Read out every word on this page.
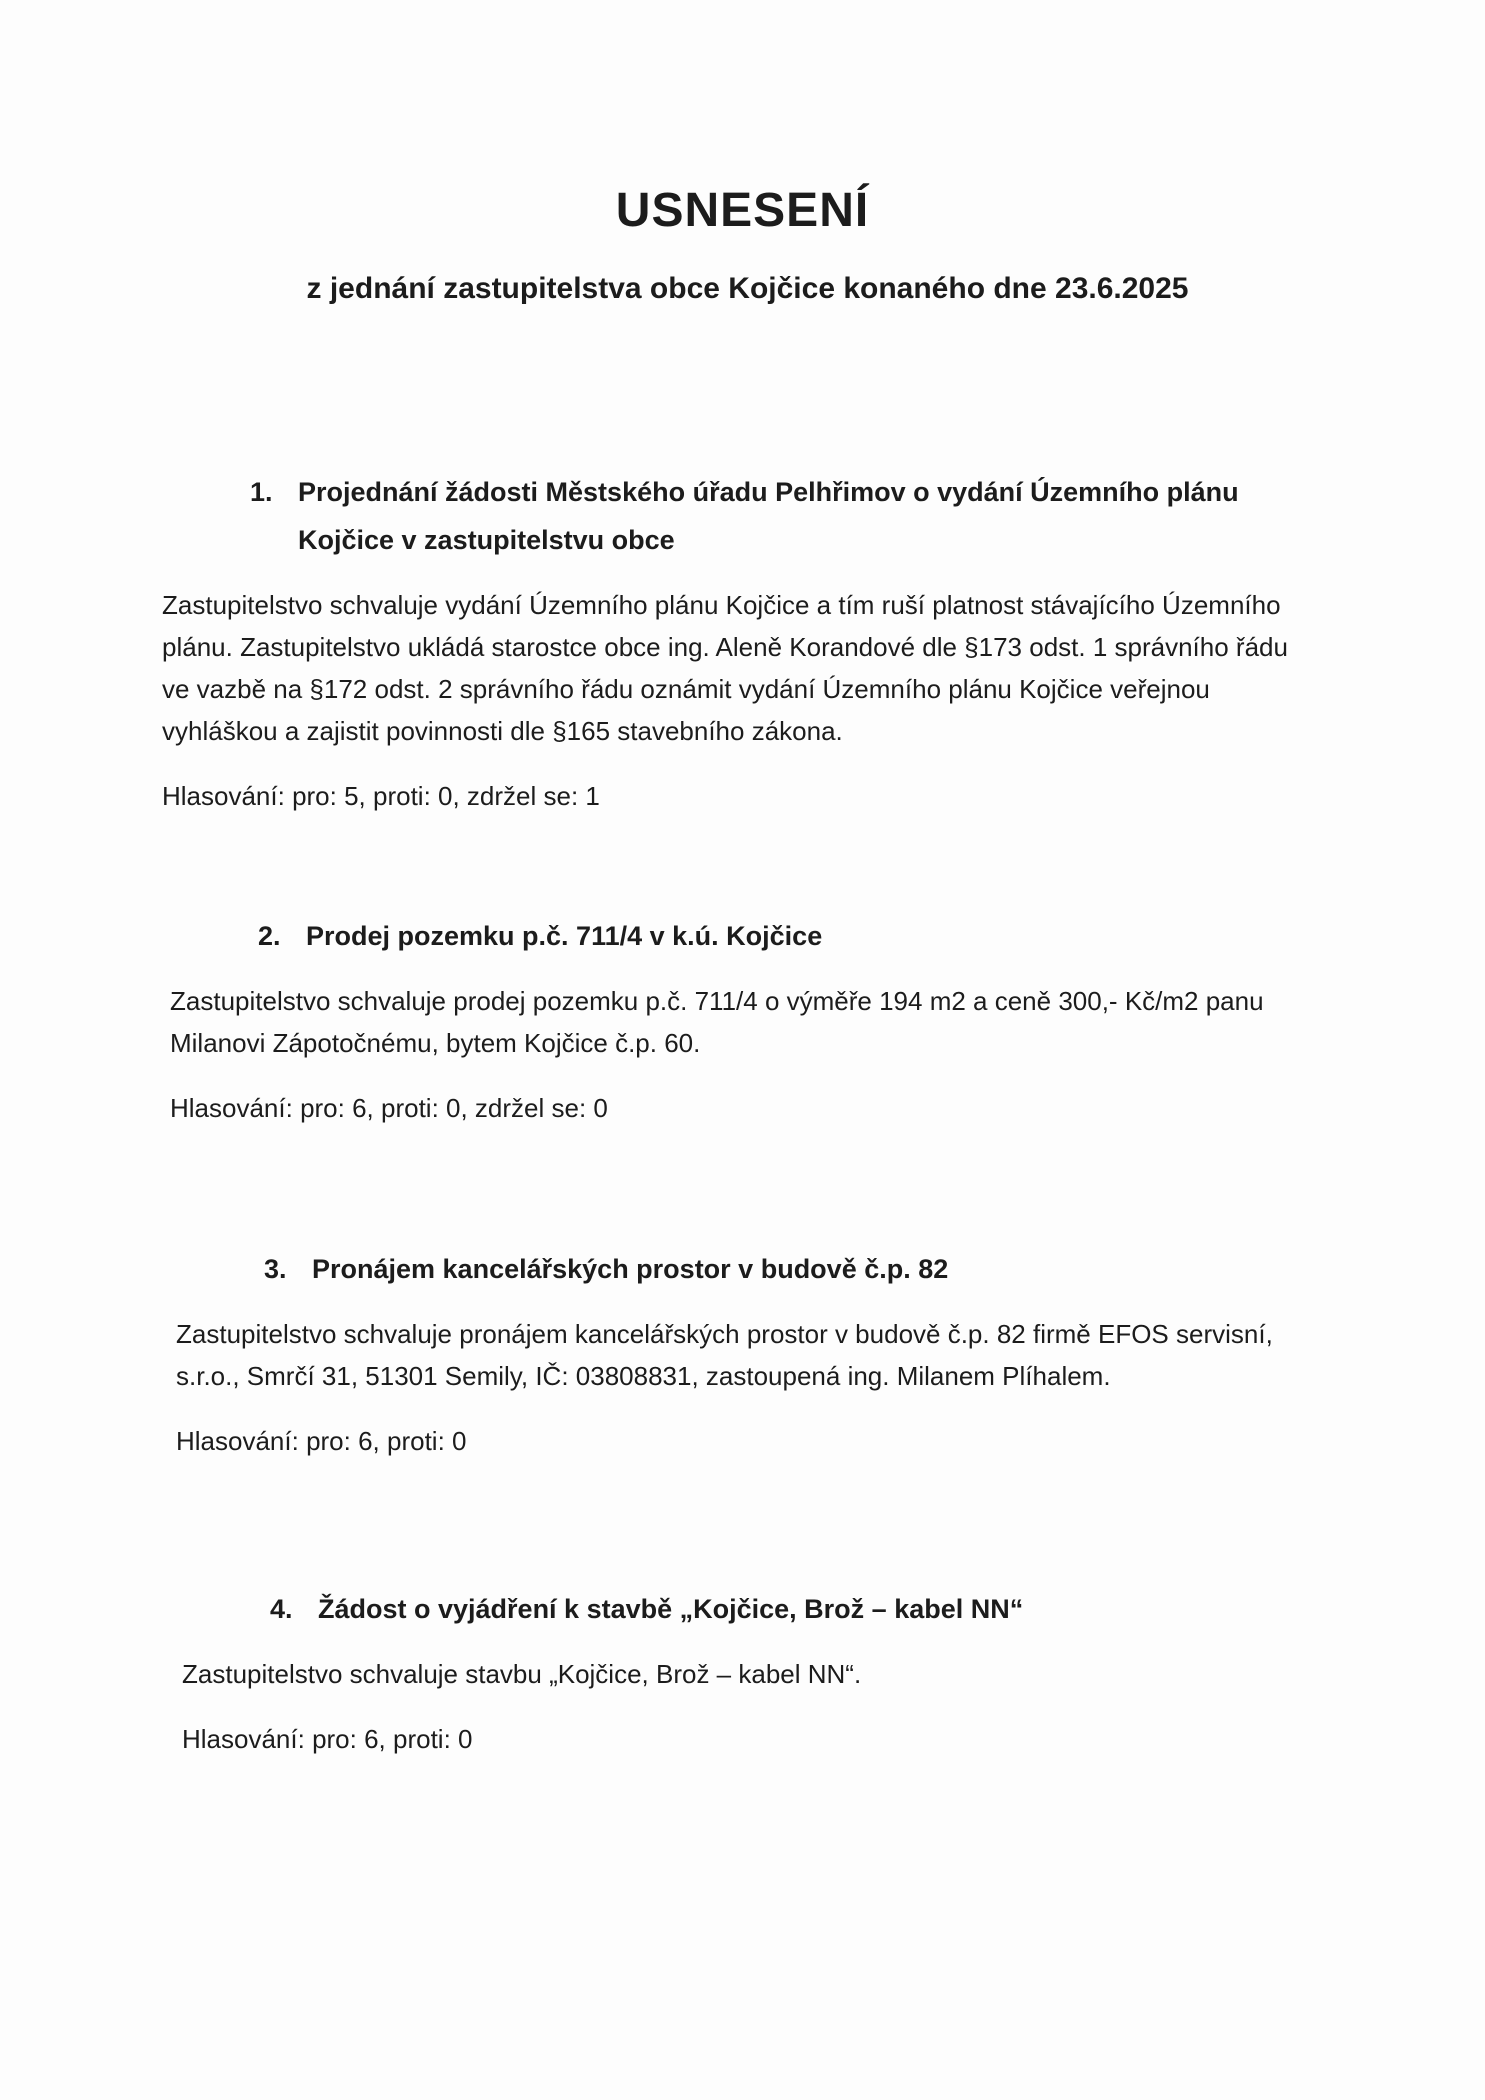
USNESENÍ
z jednání zastupitelstva obce Kojčice konaného dne 23.6.2025
1. Projednání žádosti Městského úřadu Pelhřimov o vydání Územního plánu Kojčice v zastupitelstvu obce

Zastupitelstvo schvaluje vydání Územního plánu Kojčice a tím ruší platnost stávajícího Územního plánu. Zastupitelstvo ukládá starostce obce ing. Aleně Korandové dle §173 odst. 1 správního řádu ve vazbě na §172 odst. 2 správního řádu oznámit vydání Územního plánu Kojčice veřejnou vyhláškou a zajistit povinnosti dle §165 stavebního zákona.

Hlasování: pro: 5, proti: 0, zdržel se: 1

2. Prodej pozemku p.č. 711/4 v k.ú. Kojčice

Zastupitelstvo schvaluje prodej pozemku p.č. 711/4 o výměře 194 m2 a ceně 300,- Kč/m2 panu Milanovi Zápotočnému, bytem Kojčice č.p. 60.

Hlasování: pro: 6, proti: 0, zdržel se: 0

3. Pronájem kancelářských prostor v budově č.p. 82

Zastupitelstvo schvaluje pronájem kancelářských prostor v budově č.p. 82 firmě EFOS servisní, s.r.o., Smrčí 31, 51301 Semily, IČ: 03808831, zastoupená ing. Milanem Plíhalem.

Hlasování: pro: 6, proti: 0

4. Žádost o vyjádření k stavbě „Kojčice, Brož – kabel NN“

Zastupitelstvo schvaluje stavbu „Kojčice, Brož – kabel NN“.

Hlasování: pro: 6, proti: 0
